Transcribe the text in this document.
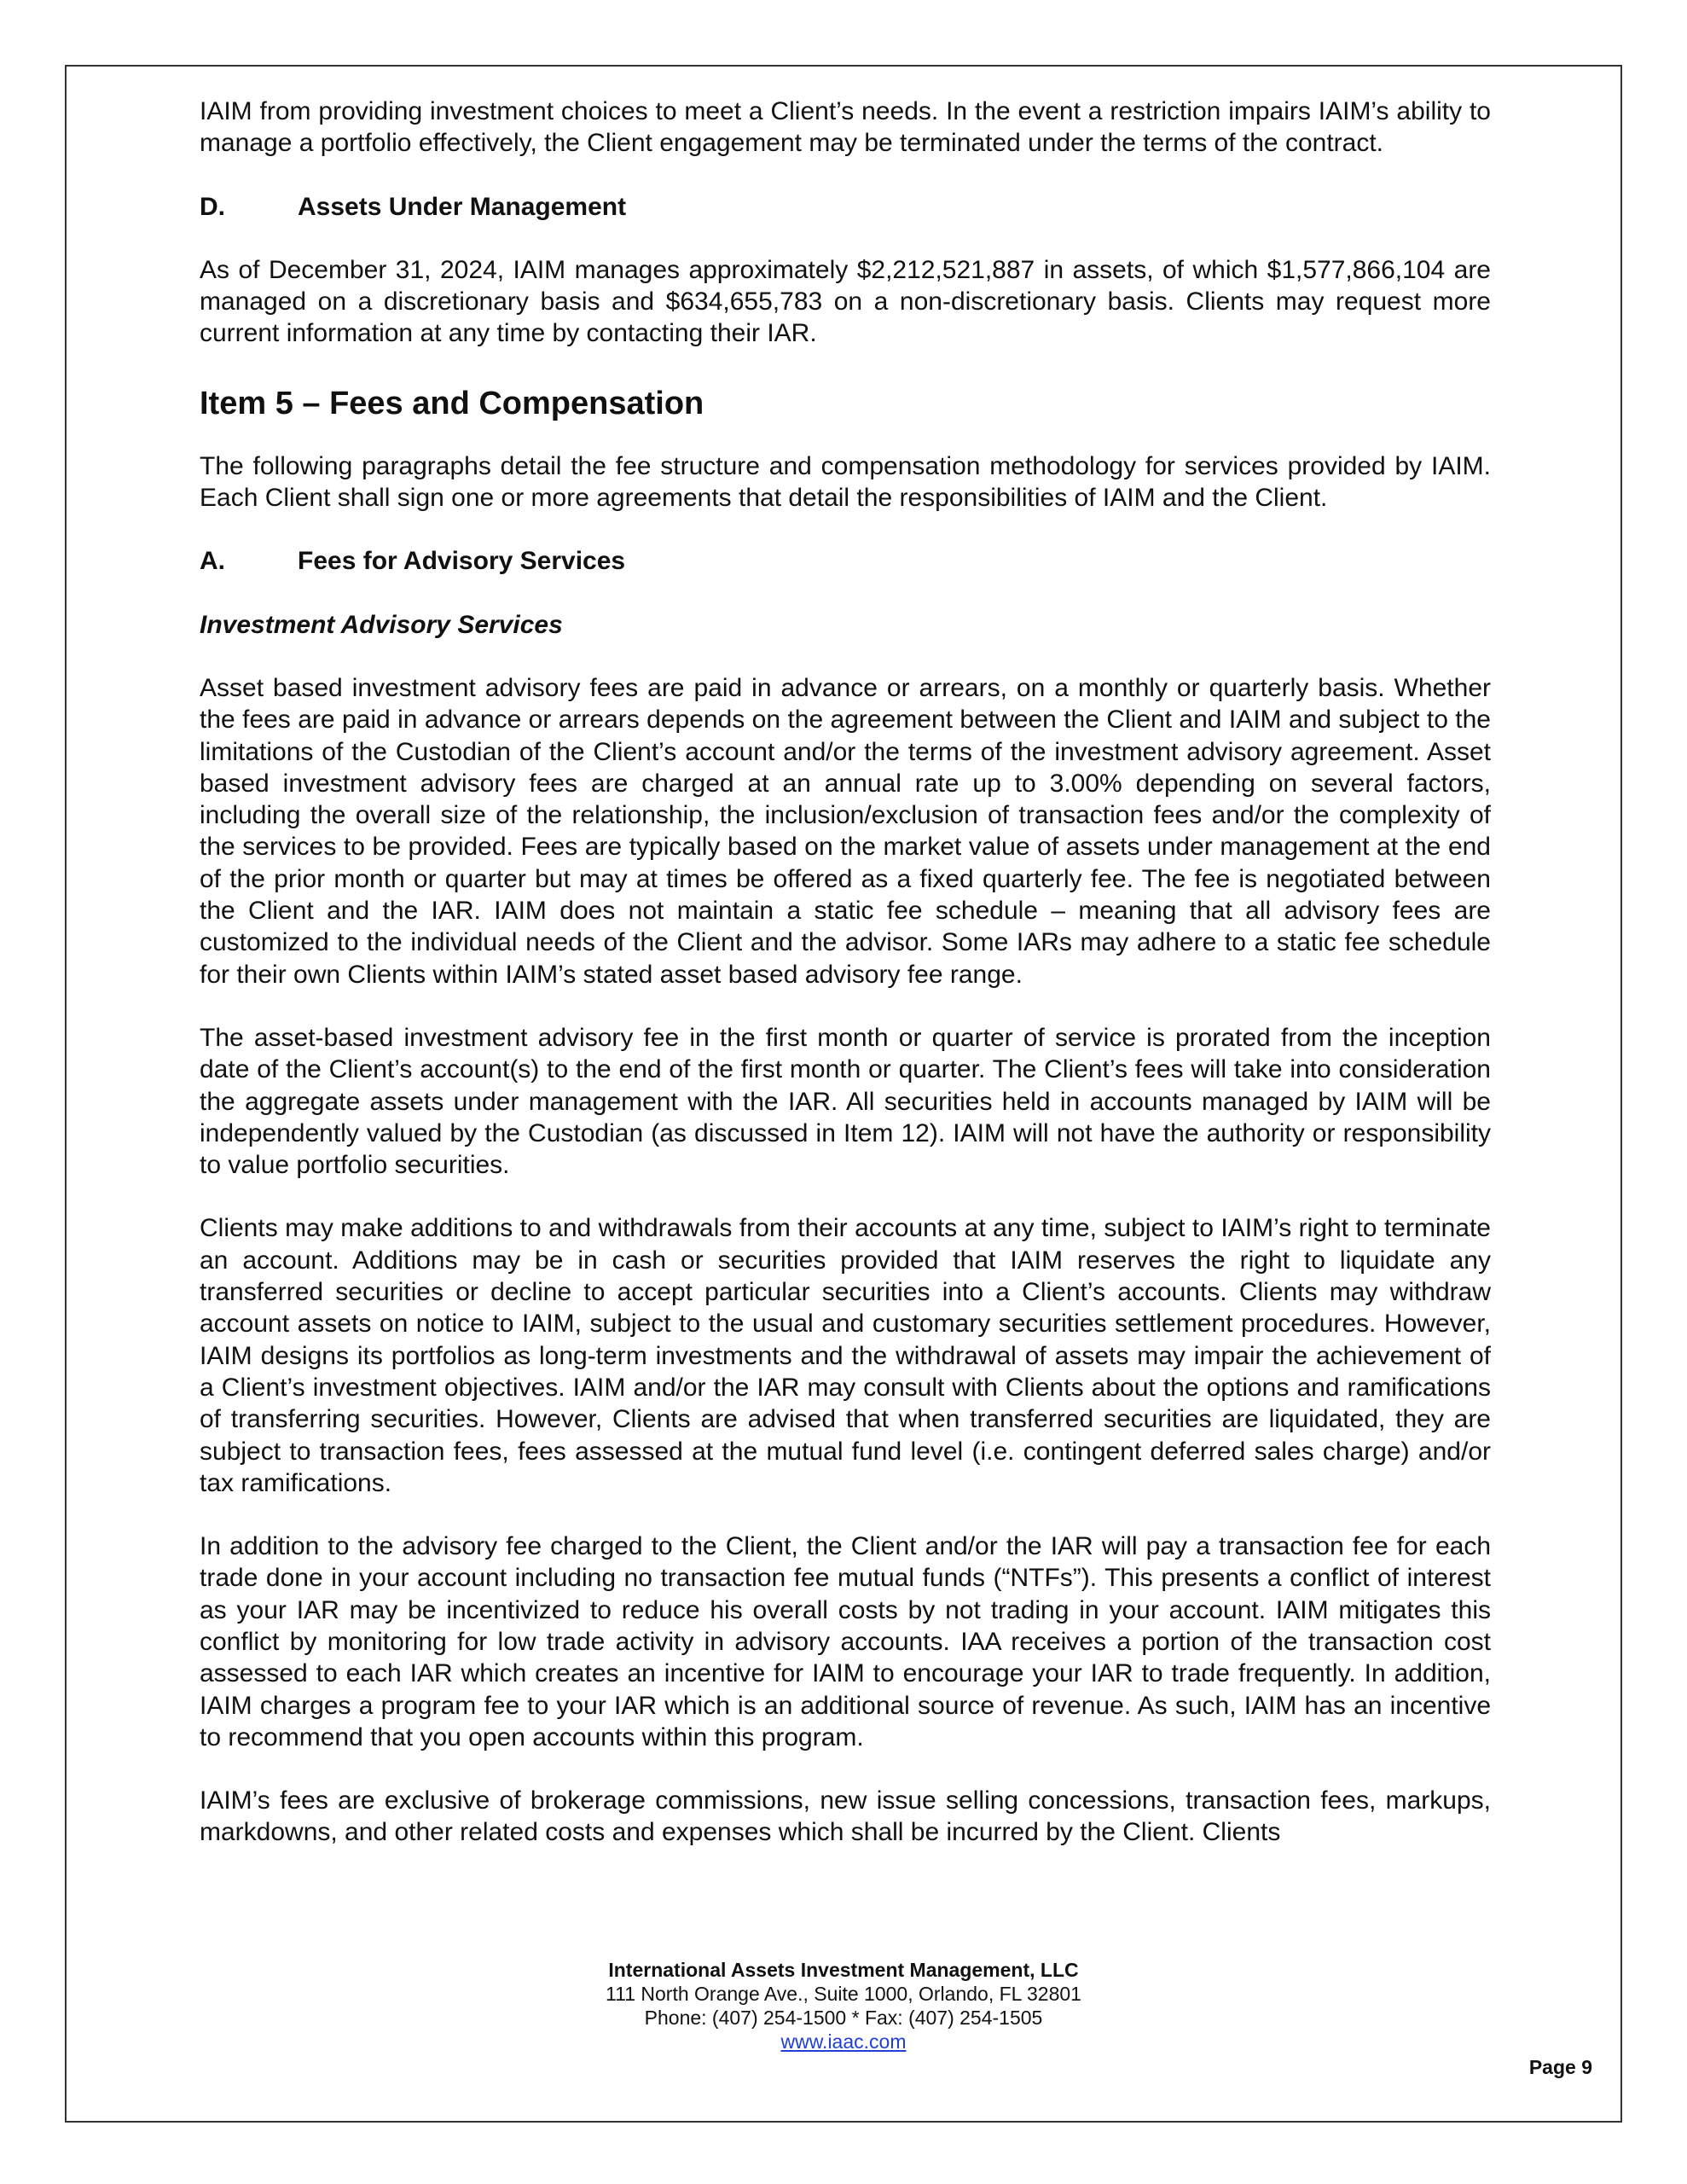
IAIM from providing investment choices to meet a Client’s needs. In the event a restriction impairs IAIM’s ability to manage a portfolio effectively, the Client engagement may be terminated under the terms of the contract.

D.	Assets Under Management

As of December 31, 2024, IAIM manages approximately $2,212,521,887 in assets, of which $1,577,866,104 are managed on a discretionary basis and $634,655,783 on a non-discretionary basis. Clients may request more current information at any time by contacting their IAR.

Item 5 – Fees and Compensation

The following paragraphs detail the fee structure and compensation methodology for services provided by IAIM. Each Client shall sign one or more agreements that detail the responsibilities of IAIM and the Client.

A.	Fees for Advisory Services

Investment Advisory Services

Asset based investment advisory fees are paid in advance or arrears, on a monthly or quarterly basis. Whether the fees are paid in advance or arrears depends on the agreement between the Client and IAIM and subject to the limitations of the Custodian of the Client’s account and/or the terms of the investment advisory agreement. Asset based investment advisory fees are charged at an annual rate up to 3.00% depending on several factors, including the overall size of the relationship, the inclusion/exclusion of transaction fees and/or the complexity of the services to be provided. Fees are typically based on the market value of assets under management at the end of the prior month or quarter but may at times be offered as a fixed quarterly fee. The fee is negotiated between the Client and the IAR. IAIM does not maintain a static fee schedule – meaning that all advisory fees are customized to the individual needs of the Client and the advisor. Some IARs may adhere to a static fee schedule for their own Clients within IAIM’s stated asset based advisory fee range.

The asset-based investment advisory fee in the first month or quarter of service is prorated from the inception date of the Client’s account(s) to the end of the first month or quarter. The Client’s fees will take into consideration the aggregate assets under management with the IAR. All securities held in accounts managed by IAIM will be independently valued by the Custodian (as discussed in Item 12). IAIM will not have the authority or responsibility to value portfolio securities.

Clients may make additions to and withdrawals from their accounts at any time, subject to IAIM’s right to terminate an account. Additions may be in cash or securities provided that IAIM reserves the right to liquidate any transferred securities or decline to accept particular securities into a Client’s accounts. Clients may withdraw account assets on notice to IAIM, subject to the usual and customary securities settlement procedures. However, IAIM designs its portfolios as long-term investments and the withdrawal of assets may impair the achievement of a Client’s investment objectives. IAIM and/or the IAR may consult with Clients about the options and ramifications of transferring securities. However, Clients are advised that when transferred securities are liquidated, they are subject to transaction fees, fees assessed at the mutual fund level (i.e. contingent deferred sales charge) and/or tax ramifications.

In addition to the advisory fee charged to the Client, the Client and/or the IAR will pay a transaction fee for each trade done in your account including no transaction fee mutual funds (“NTFs”). This presents a conflict of interest as your IAR may be incentivized to reduce his overall costs by not trading in your account. IAIM mitigates this conflict by monitoring for low trade activity in advisory accounts. IAA receives a portion of the transaction cost assessed to each IAR which creates an incentive for IAIM to encourage your IAR to trade frequently. In addition, IAIM charges a program fee to your IAR which is an additional source of revenue. As such, IAIM has an incentive to recommend that you open accounts within this program.

IAIM’s fees are exclusive of brokerage commissions, new issue selling concessions, transaction fees, markups, markdowns, and other related costs and expenses which shall be incurred by the Client. Clients

International Assets Investment Management, LLC
111 North Orange Ave., Suite 1000, Orlando, FL 32801
Phone: (407) 254-1500 * Fax: (407) 254-1505
www.iaac.com
Page 9
